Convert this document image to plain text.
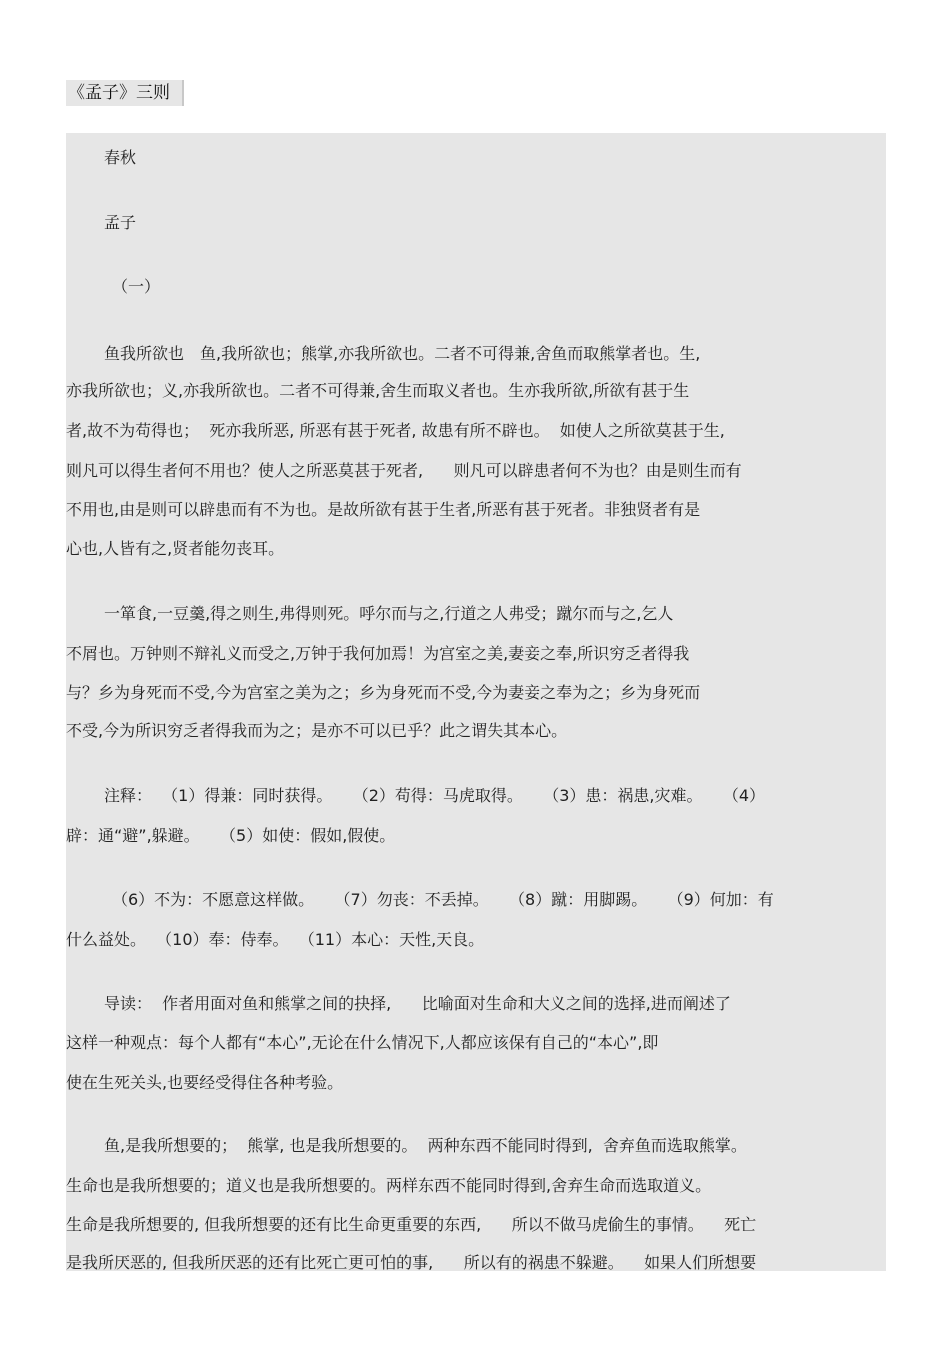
《孟子》三则
春秋
孟子
（一）
鱼我所欲也　鱼,我所欲也；熊掌,亦我所欲也。二者不可得兼,舍鱼而取熊掌者也。生,
亦我所欲也；义,亦我所欲也。二者不可得兼,舍生而取义者也。生亦我所欲,所欲有甚于生
者,故不为苟得也；  死亦我所恶, 所恶有甚于死者, 故患有所不辟也。  如使人之所欲莫甚于生,
则凡可以得生者何不用也？使人之所恶莫甚于死者,      则凡可以辟患者何不为也？由是则生而有
不用也,由是则可以辟患而有不为也。是故所欲有甚于生者,所恶有甚于死者。非独贤者有是
心也,人皆有之,贤者能勿丧耳。
一箪食,一豆羹,得之则生,弗得则死。呼尔而与之,行道之人弗受；蹴尔而与之,乞人
不屑也。万钟则不辩礼义而受之,万钟于我何加焉！为宫室之美,妻妾之奉,所识穷乏者得我
与？乡为身死而不受,今为宫室之美为之；乡为身死而不受,今为妻妾之奉为之；乡为身死而
不受,今为所识穷乏者得我而为之；是亦不可以已乎？此之谓失其本心。
注释：  （1）得兼：同时获得。    （2）苟得：马虎取得。    （3）患：祸患,灾难。    （4）
辟：通“避”,躲避。    （5）如使：假如,假使。
（6）不为：不愿意这样做。    （7）勿丧：不丢掉。    （8）蹴：用脚踢。    （9）何加：有
什么益处。  （10）奉：侍奉。  （11）本心：天性,天良。
导读：  作者用面对鱼和熊掌之间的抉择,      比喻面对生命和大义之间的选择,进而阐述了
这样一种观点：每个人都有“本心”,无论在什么情况下,人都应该保有自己的“本心”,即
使在生死关头,也要经受得住各种考验。
鱼,是我所想要的；  熊掌, 也是我所想要的。  两种东西不能同时得到,  舍弃鱼而选取熊掌。
生命也是我所想要的；道义也是我所想要的。两样东西不能同时得到,舍弃生命而选取道义。
生命是我所想要的, 但我所想要的还有比生命更重要的东西,      所以不做马虎偷生的事情。    死亡
是我所厌恶的, 但我所厌恶的还有比死亡更可怕的事,      所以有的祸患不躲避。    如果人们所想要
